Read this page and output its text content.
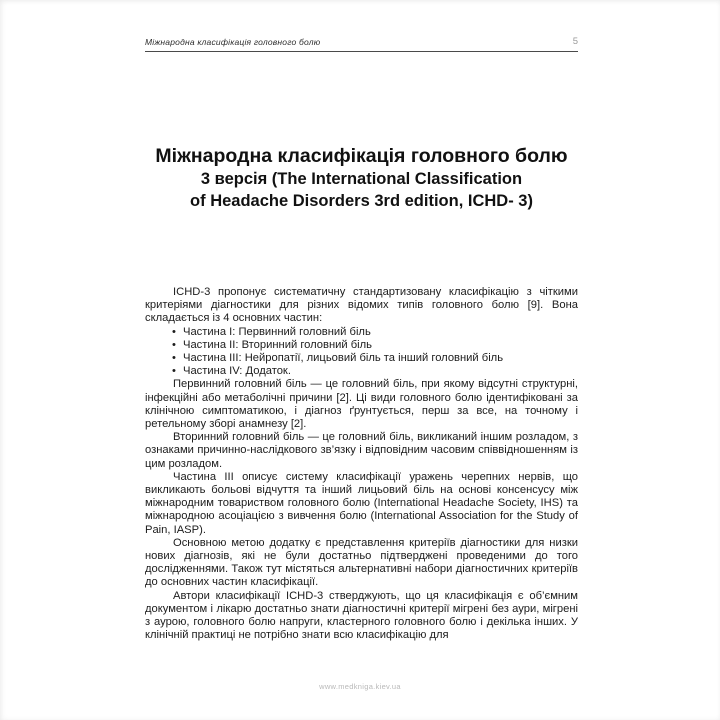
Міжнародна класифікація головного болю	5
Міжнародна класифікація головного болю
3 версія (The International Classification
of Headache Disorders 3rd edition, ICHD- 3)

ICHD-3 пропонує систематичну стандартизовану класифікацію з чіткими критеріями діагностики для різних відомих типів головного болю [9]. Вона складається із 4 основних частин:

• Частина I: Первинний головний біль
• Частина II: Вторинний головний біль
• Частина III: Нейропатії, лицьовий біль та інший головний біль
• Частина IV: Додаток.

Первинний головний біль — це головний біль, при якому відсутні структурні, інфекційні або метаболічні причини [2]. Ці види головного болю ідентифіковані за клінічною симптоматикою, і діагноз ґрунтується, перш за все, на точному і ретельному зборі анамнезу [2].

Вторинний головний біль — це головний біль, викликаний іншим розладом, з ознаками причинно-наслідкового зв’язку і відповідним часовим співвідношенням із цим розладом.

Частина III описує систему класифікації уражень черепних нервів, що викликають больові відчуття та інший лицьовий біль на основі консенсусу між міжнародним товариством головного болю (International Headache Society, IHS) та міжнародною асоціацією з вивчення болю (International Association for the Study of Pain, IASP).

Основною метою додатку є представлення критеріїв діагностики для низки нових діагнозів, які не були достатньо підтверджені проведеними до того дослідженнями. Також тут містяться альтернативні набори діагностичних критеріїв до основних частин класифікації.

Автори класифікації ICHD-3 стверджують, що ця класифікація є об’ємним документом і лікарю достатньо знати діагностичні критерії мігрені без аури, мігрені з аурою, головного болю напруги, кластерного головного болю і декілька інших. У клінічній практиці не потрібно знати всю класифікацію для

www.medkniga.kiev.ua
